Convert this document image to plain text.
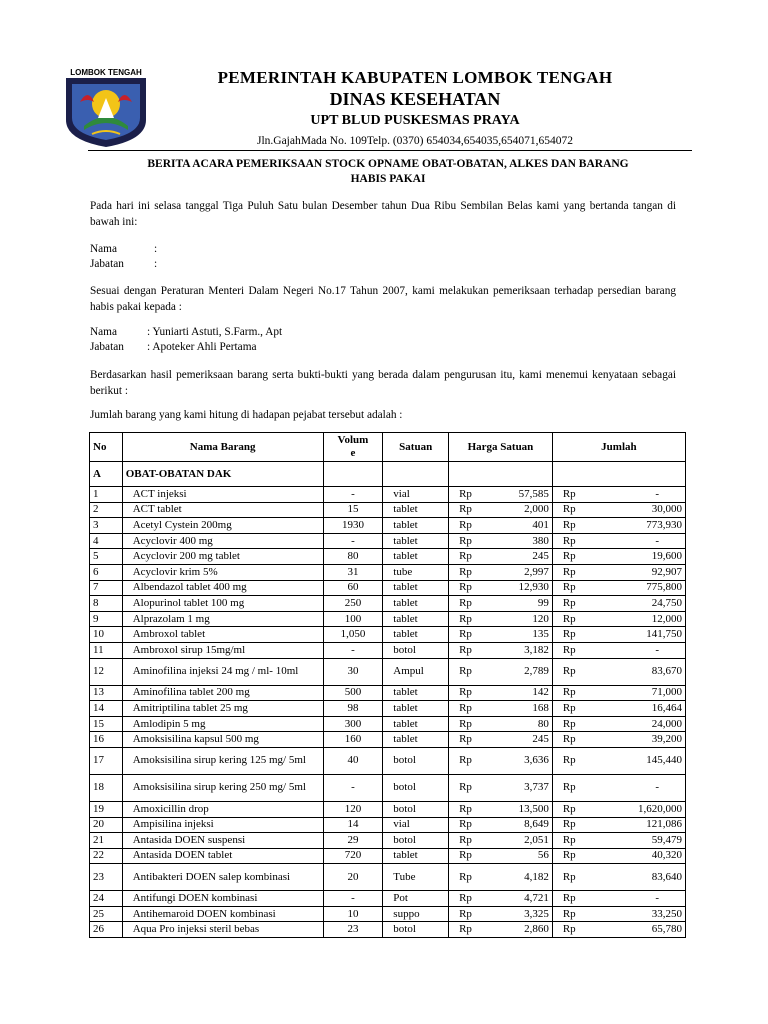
LOMBOK TENGAH	PEMERINTAH KABUPATEN LOMBOK TENGAH
DINAS KESEHATAN
UPT BLUD PUSKESMAS PRAYA
Jln.GajahMada No. 109Telp. (0370) 654034,654035,654071,654072
BERITA ACARA PEMERIKSAAN STOCK OPNAME OBAT-OBATAN, ALKES DAN BARANG
HABIS PAKAI
Pada hari ini selasa tanggal Tiga Puluh Satu bulan Desember tahun Dua Ribu Sembilan Belas kami yang bertanda tangan di bawah ini:
Nama	:
Jabatan	:
Sesuai dengan Peraturan Menteri Dalam Negeri No.17 Tahun 2007, kami melakukan pemeriksaan terhadap persedian barang habis pakai kepada :
Nama	: Yuniarti Astuti, S.Farm., Apt
Jabatan : Apoteker Ahli Pertama
Berdasarkan hasil pemeriksaan barang serta bukti-bukti yang berada dalam pengurusan itu, kami menemui kenyataan sebagai berikut :
Jumlah barang yang kami hitung di hadapan pejabat tersebut adalah :
No	Nama Barang	Volum
e	Satuan	Harga Satuan		Jumlah	
A	OBAT-OBATAN DAK						
1	ACT injeksi	-	vial	Rp	57,585	Rp	-
2	ACT tablet	15	tablet	Rp	2,000	Rp	30,000
3	Acetyl Cystein 200mg	1930	tablet	Rp	401	Rp	773,930
4	Acyclovir 400 mg	-	tablet	Rp	380	Rp	-
5	Acyclovir 200 mg tablet	80	tablet	Rp	245	Rp	19,600
6	Acyclovir krim 5%	31	tube	Rp	2,997	Rp	92,907
7	Albendazol tablet 400 mg	60	tablet	Rp	12,930	Rp	775,800
8	Alopurinol tablet 100 mg	250	tablet	Rp	99	Rp	24,750
9	Alprazolam 1 mg	100	tablet	Rp	120	Rp	12,000
10	Ambroxol tablet	1,050	tablet	Rp	135	Rp	141,750
11	Ambroxol sirup 15mg/ml	-	botol	Rp	3,182	Rp	-
12	Aminofilina injeksi 24 mg / ml- 10ml	30	Ampul	Rp	2,789	Rp	83,670
13	Aminofilina tablet 200 mg	500	tablet	Rp	142	Rp	71,000
14	Amitriptilina tablet 25 mg	98	tablet	Rp	168	Rp	16,464
15	Amlodipin 5 mg	300	tablet	Rp	80	Rp	24,000
16	Amoksisilina kapsul 500 mg	160	tablet	Rp	245	Rp	39,200
17	Amoksisilina sirup kering 125 mg/ 5ml	40	botol	Rp	3,636	Rp	145,440
18	Amoksisilina sirup kering 250 mg/ 5ml	-	botol	Rp	3,737	Rp	-
19	Amoxicillin drop	120	botol	Rp	13,500	Rp	1,620,000
20	Ampisilina injeksi	14	vial	Rp	8,649	Rp	121,086
21	Antasida DOEN suspensi	29	botol	Rp	2,051	Rp	59,479
22	Antasida DOEN tablet	720	tablet	Rp	56	Rp	40,320
23	Antibakteri DOEN salep kombinasi	20	Tube	Rp	4,182	Rp	83,640
24	Antifungi DOEN kombinasi	-	Pot	Rp	4,721	Rp	-
25	Antihemaroid DOEN kombinasi	10	suppo	Rp	3,325	Rp	33,250
26	Aqua Pro injeksi steril bebas	23	botol	Rp	2,860	Rp	65,780
